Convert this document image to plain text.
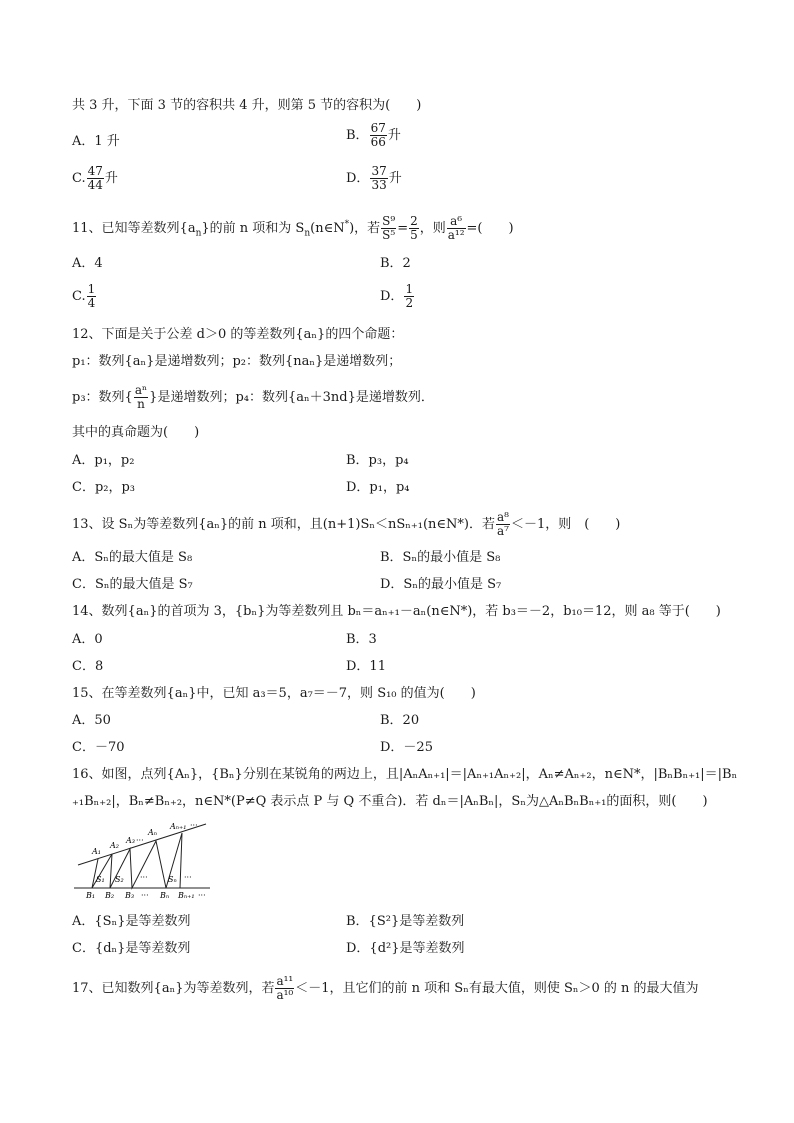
共 3 升，下面 3 节的容积共 4 升，则第 5 节的容积为(　　)
A．1 升	B． $\frac{67}{66}$ 升
C. $\frac{47}{44}$ 升	D． $\frac{37}{33}$ 升
11、已知等差数列$\{a_n\}$的前 n 项和为 $S_n(n\in N^*)$，若 $\frac{\text{S⁹}}{\text{S⁵}} = \frac{2}{5}$ ，则 $\frac{\text{a⁶}}{\text{a¹²}}$ =(　　)
A．4	B．2
C. $\frac{1}{4}$	D． $\frac{1}{2}$
12、下面是关于公差 d＞0 的等差数列{aₙ}的四个命题：
p₁：数列{aₙ}是递增数列；p₂：数列{naₙ}是递增数列；
p₃：数列{ $\frac{\text{aⁿ}}{n}$ }是递增数列；p₄：数列{aₙ＋3nd}是递增数列．
其中的真命题为(　　)
A．p₁，p₂	B．p₃，p₄
C．p₂，p₃	D．p₁，p₄
13、设 Sₙ为等差数列{aₙ}的前 n 项和，且(n+1)Sₙ＜nSₙ₊₁(n∈N*)．若 $\frac{\text{a⁸}}{\text{a⁷}} <-1$，则　(　　)
A．Sₙ的最大值是 S₈	B．Sₙ的最小值是 S₈
C．Sₙ的最大值是 S₇	D．Sₙ的最小值是 S₇
14、数列{aₙ}的首项为 3，{bₙ}为等差数列且 bₙ＝aₙ₊₁－aₙ(n∈N*)，若 b₃＝－2，b₁₀＝12，则 a₈ 等于(　　)
A．0	B．3
C．8	D．11
15、在等差数列{aₙ}中，已知 a₃＝5，a₇＝－7，则 S₁₀ 的值为(　　)
A．50	B．20
C．－70	D．－25
16、如图，点列{Aₙ}，{Bₙ}分别在某锐角的两边上，且|AₙAₙ₊₁|＝|Aₙ₊₁Aₙ₊₂|，Aₙ≠Aₙ₊₂，n∈N*，|BₙBₙ₊₁|＝|Bₙ
₊₁Bₙ₊₂|，Bₙ≠Bₙ₊₂，n∈N*(P≠Q 表示点 P 与 Q 不重合)．若 dₙ＝|AₙBₙ|，Sₙ为△AₙBₙBₙ₊₁的面积，则(　　)
A₁
A₂
A₃ ···
Aₙ
Aₙ₊₁ ···
S₁ S₂ ···	Sₙ ···
B₁ B₂ B₃ ··· Bₙ Bₙ₊₁ ···
A．{Sₙ}是等差数列	B．{S²}是等差数列
C．{dₙ}是等差数列	D．{d²}是等差数列
17、已知数列{aₙ}为等差数列，若 $\frac{\text{a¹¹}}{\text{a¹⁰}} <-1$，且它们的前 n 项和 Sₙ有最大值，则使 Sₙ＞0 的 n 的最大值为
